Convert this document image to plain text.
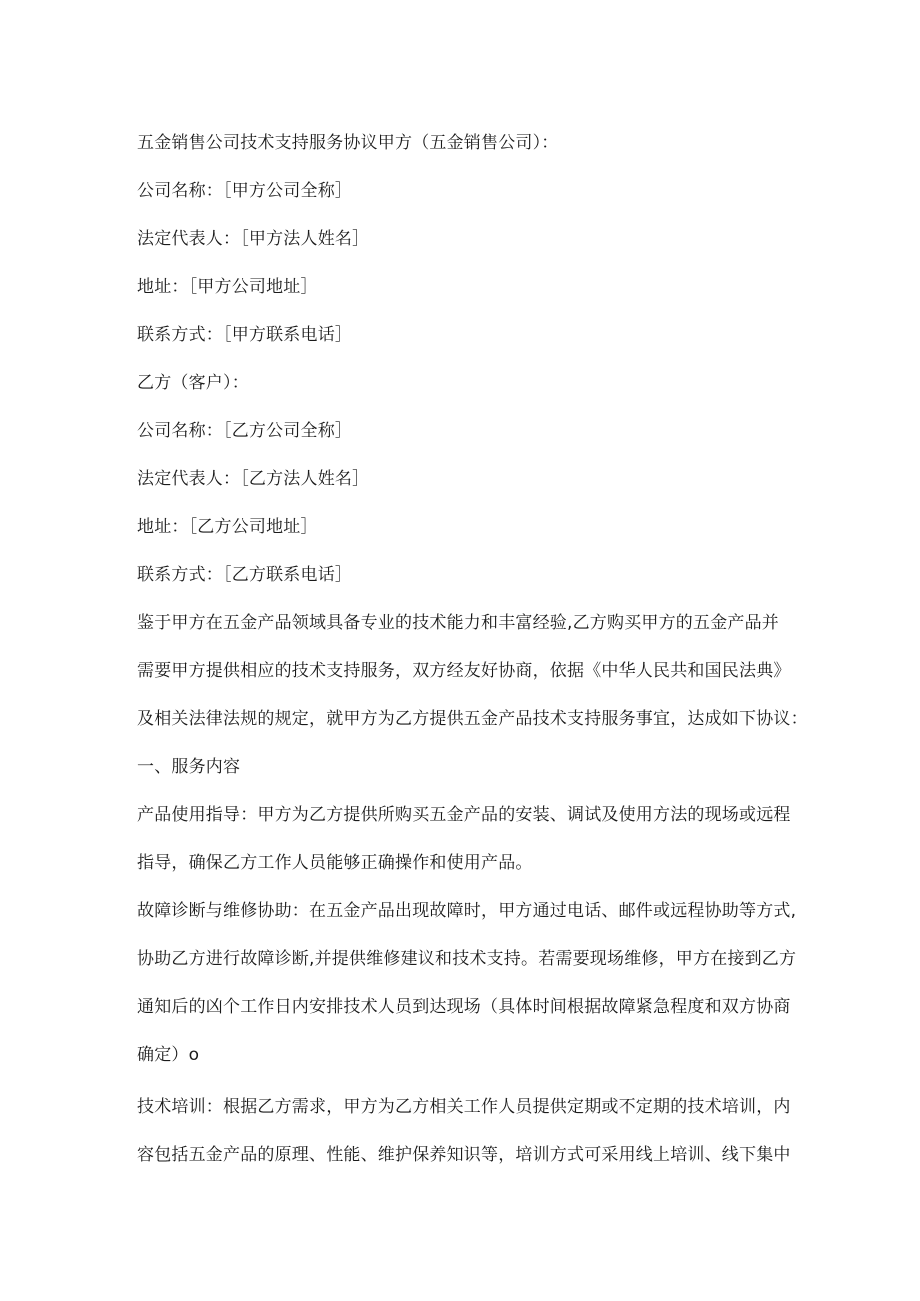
五金销售公司技术支持服务协议甲方（五金销售公司）：
公司名称：［甲方公司全称］
法定代表人：［甲方法人姓名］
地址：［甲方公司地址］
联系方式：［甲方联系电话］
乙方（客户）：
公司名称：［乙方公司全称］
法定代表人：［乙方法人姓名］
地址：［乙方公司地址］
联系方式：［乙方联系电话］
鉴于甲方在五金产品领域具备专业的技术能力和丰富经验,乙方购买甲方的五金产品并
需要甲方提供相应的技术支持服务，双方经友好协商，依据《中华人民共和国民法典》
及相关法律法规的规定，就甲方为乙方提供五金产品技术支持服务事宜，达成如下协议：
一、服务内容
产品使用指导：甲方为乙方提供所购买五金产品的安装、调试及使用方法的现场或远程
指导，确保乙方工作人员能够正确操作和使用产品。
故障诊断与维修协助：在五金产品出现故障时，甲方通过电话、邮件或远程协助等方式,
协助乙方进行故障诊断,并提供维修建议和技术支持。若需要现场维修，甲方在接到乙方
通知后的凶个工作日内安排技术人员到达现场（具体时间根据故障紧急程度和双方协商
确定）o
技术培训：根据乙方需求，甲方为乙方相关工作人员提供定期或不定期的技术培训，内
容包括五金产品的原理、性能、维护保养知识等，培训方式可采用线上培训、线下集中
